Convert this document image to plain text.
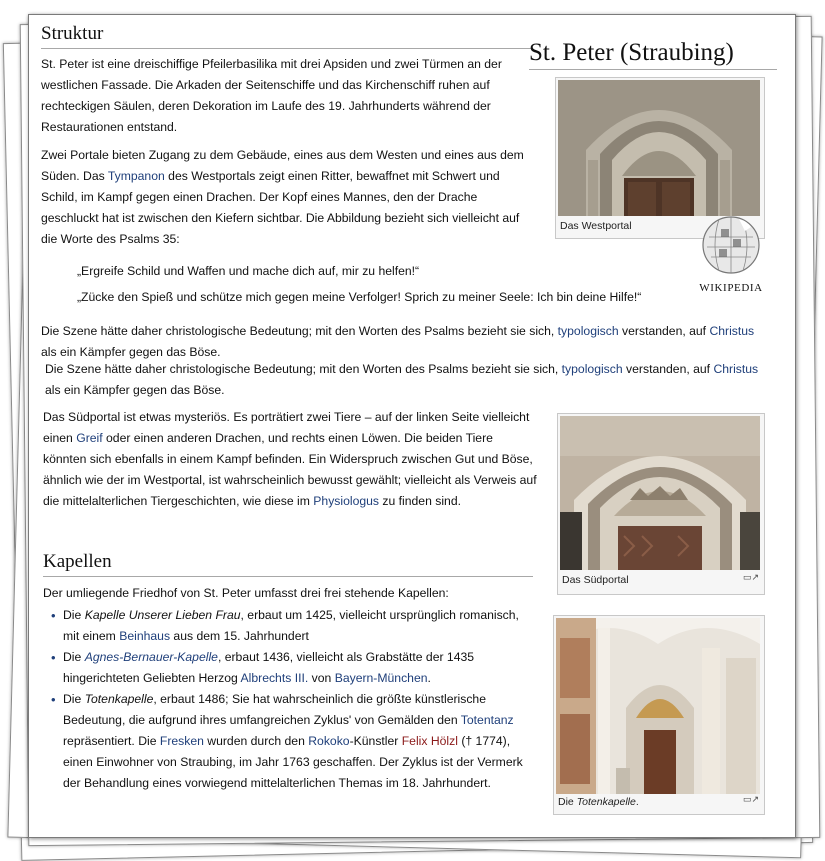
Struktur
St. Peter (Straubing)

St. Peter ist eine dreischiffige Pfeilerbasilika mit drei Apsiden und zwei Türmen an der westlichen Fassade. Die Arkaden der Seitenschiffe und das Kirchenschiff ruhen auf rechteckigen Säulen, deren Dekoration im Laufe des 19. Jahrhunderts während der Restaurationen entstand.

Zwei Portale bieten Zugang zu dem Gebäude, eines aus dem Westen und eines aus dem Süden. Das Tympanon des Westportals zeigt einen Ritter, bewaffnet mit Schwert und Schild, im Kampf gegen einen Drachen. Der Kopf eines Mannes, den der Drache geschluckt hat ist zwischen den Kiefern sichtbar. Die Abbildung bezieht sich vielleicht auf die Worte des Psalms 35:

„Ergreife Schild und Waffen und mache dich auf, mir zu helfen!“

„Zücke den Spieß und schütze mich gegen meine Verfolger! Sprich zu meiner Seele: Ich bin deine Hilfe!“

Die Szene hätte daher christologische Bedeutung; mit den Worten des Psalms bezieht sie sich, typologisch verstanden, auf Christus als ein Kämpfer gegen das Böse.

Die Szene hätte daher christologische Bedeutung; mit den Worten des Psalms bezieht sie sich, typologisch verstanden, auf Christus als ein Kämpfer gegen das Böse.

Das Südportal ist etwas mysteriös. Es porträtiert zwei Tiere – auf der linken Seite vielleicht einen Greif oder einen anderen Drachen, und rechts einen Löwen. Die beiden Tiere könnten sich ebenfalls in einem Kampf befinden. Ein Widerspruch zwischen Gut und Böse, ähnlich wie der im Westportal, ist wahrscheinlich bewusst gewählt; vielleicht als Verweis auf die mittelalterlichen Tiergeschichten, wie diese im Physiologus zu finden sind.

Kapellen

Der umliegende Friedhof von St. Peter umfasst drei frei stehende Kapellen:

• Die Kapelle Unserer Lieben Frau, erbaut um 1425, vielleicht ursprünglich romanisch, mit einem Beinhaus aus dem 15. Jahrhundert
• Die Agnes-Bernauer-Kapelle, erbaut 1436, vielleicht als Grabstätte der 1435 hingerichteten Geliebten Herzog Albrechts III. von Bayern-München.
• Die Totenkapelle, erbaut 1486; Sie hat wahrscheinlich die größte künstlerische Bedeutung, die aufgrund ihres umfangreichen Zyklus' von Gemälden den Totentanz repräsentiert. Die Fresken wurden durch den Rokoko-Künstler Felix Hölzl († 1774), einen Einwohner von Straubing, im Jahr 1763 geschaffen. Der Zyklus ist der Vermerk der Behandlung eines vorwiegend mittelalterlichen Themas im 18. Jahrhundert.
Das Westportal
WIKIPEDIA
Das Südportal	▭↗
Die Totenkapelle.	▭↗
